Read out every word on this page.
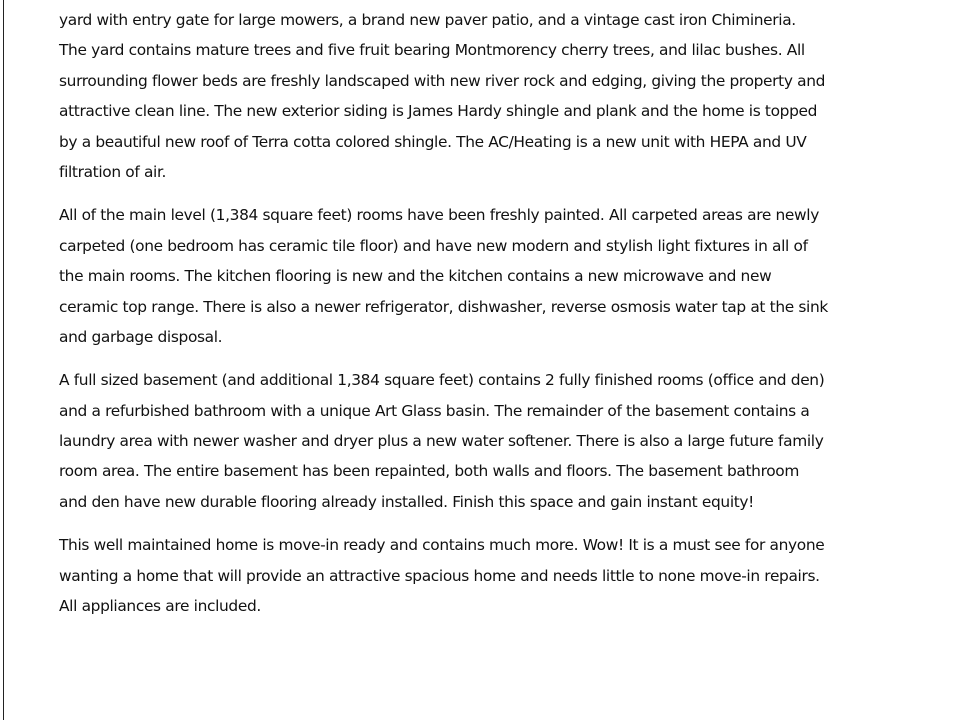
yard with entry gate for large mowers, a brand new paver patio, and a vintage cast iron Chimineria.
The yard contains mature trees and five fruit bearing Montmorency cherry trees, and lilac bushes. All
surrounding flower beds are freshly landscaped with new river rock and edging, giving the property and
attractive clean line. The new exterior siding is James Hardy shingle and plank and the home is topped
by a beautiful new roof of Terra cotta colored shingle. The AC/Heating is a new unit with HEPA and UV
filtration of air.

All of the main level (1,384 square feet) rooms have been freshly painted. All carpeted areas are newly
carpeted (one bedroom has ceramic tile floor) and have new modern and stylish light fixtures in all of
the main rooms. The kitchen flooring is new and the kitchen contains a new microwave and new
ceramic top range. There is also a newer refrigerator, dishwasher, reverse osmosis water tap at the sink
and garbage disposal.

A full sized basement (and additional 1,384 square feet) contains 2 fully finished rooms (office and den)
and a refurbished bathroom with a unique Art Glass basin. The remainder of the basement contains a
laundry area with newer washer and dryer plus a new water softener. There is also a large future family
room area. The entire basement has been repainted, both walls and floors. The basement bathroom
and den have new durable flooring already installed. Finish this space and gain instant equity!

This well maintained home is move-in ready and contains much more. Wow! It is a must see for anyone
wanting a home that will provide an attractive spacious home and needs little to none move-in repairs.
All appliances are included.
